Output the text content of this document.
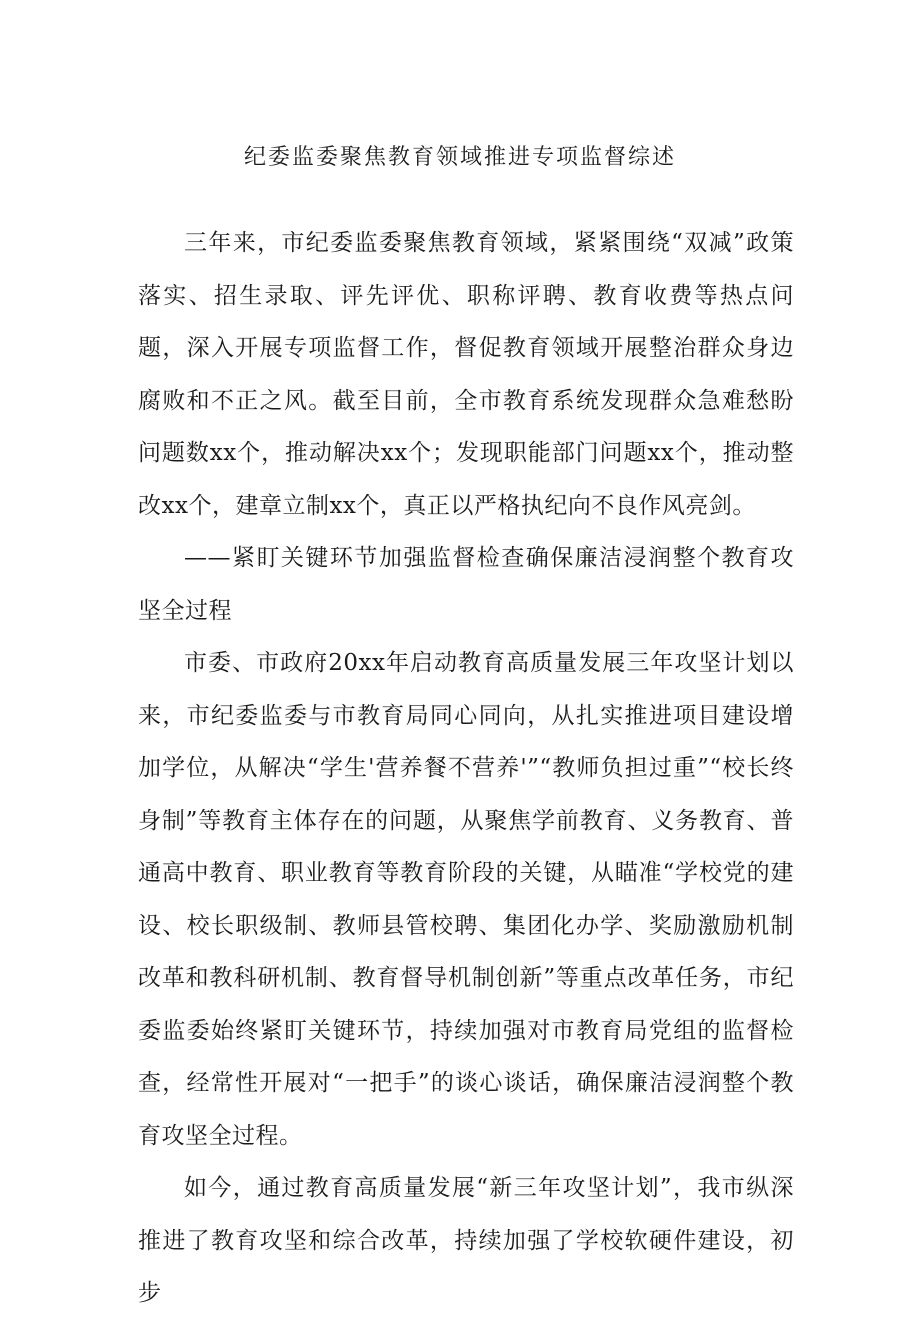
纪委监委聚焦教育领域推进专项监督综述

三年来，市纪委监委聚焦教育领域，紧紧围绕“双减”政策落实、招生录取、评先评优、职称评聘、教育收费等热点问题，深入开展专项监督工作，督促教育领域开展整治群众身边腐败和不正之风。截至目前，全市教育系统发现群众急难愁盼问题数xx个，推动解决xx个；发现职能部门问题xx个，推动整改xx个，建章立制xx个，真正以严格执纪向不良作风亮剑。

——紧盯关键环节加强监督检查确保廉洁浸润整个教育攻坚全过程

市委、市政府20xx年启动教育高质量发展三年攻坚计划以来，市纪委监委与市教育局同心同向，从扎实推进项目建设增加学位，从解决“学生'营养餐不营养'”“教师负担过重”“校长终身制”等教育主体存在的问题，从聚焦学前教育、义务教育、普通高中教育、职业教育等教育阶段的关键，从瞄准“学校党的建设、校长职级制、教师县管校聘、集团化办学、奖励激励机制改革和教科研机制、教育督导机制创新”等重点改革任务，市纪委监委始终紧盯关键环节，持续加强对市教育局党组的监督检查，经常性开展对“一把手”的谈心谈话，确保廉洁浸润整个教育攻坚全过程。

如今，通过教育高质量发展“新三年攻坚计划”，我市纵深推进了教育攻坚和综合改革，持续加强了学校软硬件建设，初步
